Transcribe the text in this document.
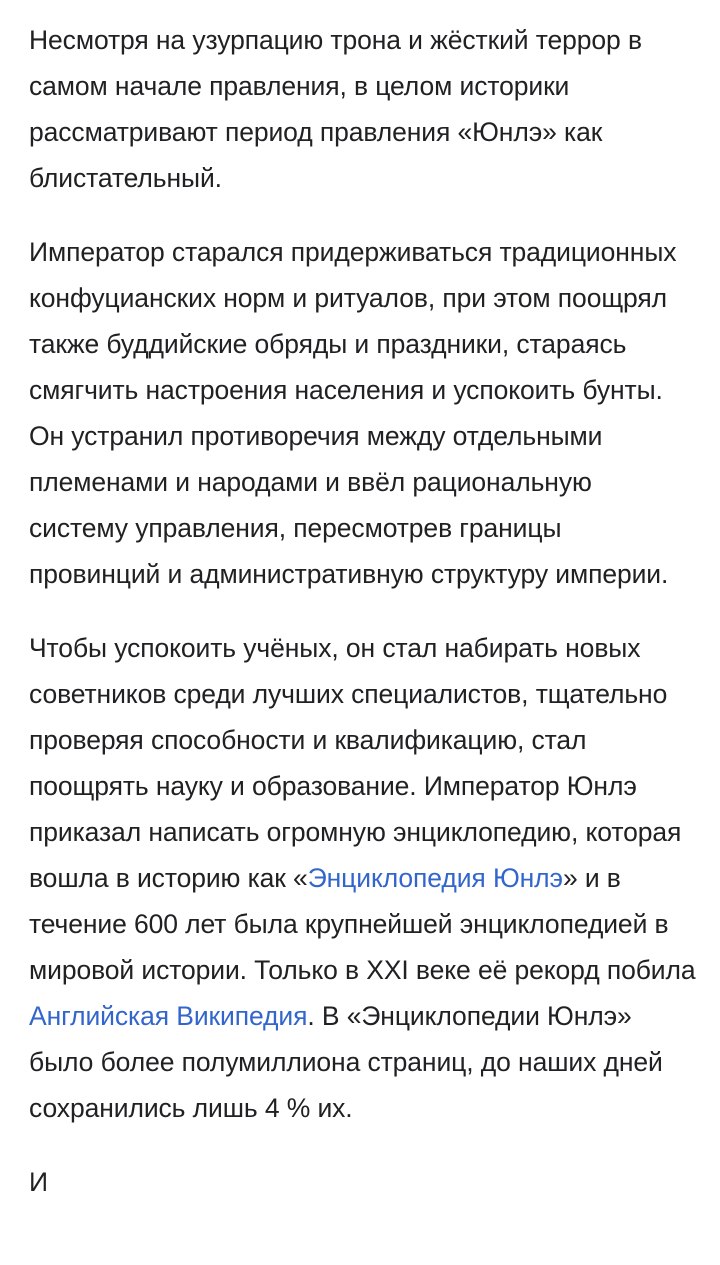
Несмотря на узурпацию трона и жёсткий террор в самом начале правления, в целом историки рассматривают период правления «Юнлэ» как блистательный.

Император старался придерживаться традиционных конфуцианских норм и ритуалов, при этом поощрял также буддийские обряды и праздники, стараясь смягчить настроения населения и успокоить бунты. Он устранил противоречия между отдельными племенами и народами и ввёл рациональную систему управления, пересмотрев границы провинций и административную структуру империи.

Чтобы успокоить учёных, он стал набирать новых советников среди лучших специалистов, тщательно проверяя способности и квалификацию, стал поощрять науку и образование. Император Юнлэ приказал написать огромную энциклопедию, которая вошла в историю как «Энциклопедия Юнлэ» и в течение 600 лет была крупнейшей энциклопедией в мировой истории. Только в XXI веке её рекорд побила Английская Википедия. В «Энциклопедии Юнлэ» было более полумиллиона страниц, до наших дней сохранились лишь 4 % их.

И
